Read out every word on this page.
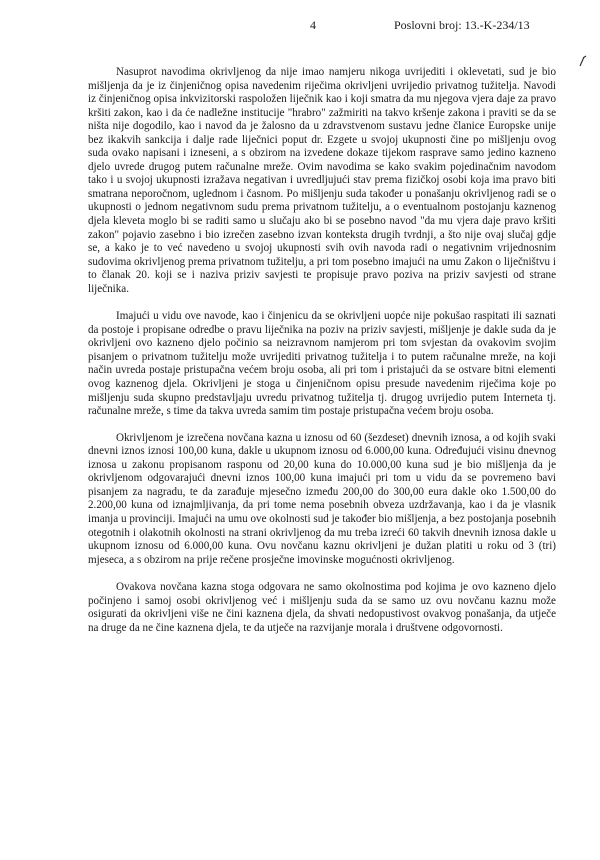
4	Poslovni broj: 13.-K-234/13

Nasuprot navodima okrivljenog da nije imao namjeru nikoga uvrijediti i oklevetati, sud je bio mišljenja da je iz činjeničnog opisa navedenim riječima okrivljeni uvrijedio privatnog tužitelja. Navodi iz činjeničnog opisa inkvizitorski raspoložen liječnik kao i koji smatra da mu njegova vjera daje za pravo kršiti zakon, kao i da će nadležne institucije "hrabro" zažmiriti na takvo kršenje zakona i praviti se da se ništa nije dogodilo, kao i navod da je žalosno da u zdravstvenom sustavu jedne članice Europske unije bez ikakvih sankcija i dalje rade liječnici poput dr. Ezgete u svojoj ukupnosti čine po mišljenju ovog suda ovako napisani i izneseni, a s obzirom na izvedene dokaze tijekom rasprave samo jedino kazneno djelo uvrede drugog putem računalne mreže. Ovim navodima se kako svakim pojedinačnim navodom tako i u svojoj ukupnosti izražava negativan i uvredljujući stav prema fizičkoj osobi koja ima pravo biti smatrana neporočnom, uglednom i časnom. Po mišljenju suda također u ponašanju okrivljenog radi se o ukupnosti o jednom negativnom sudu prema privatnom tužitelju, a o eventualnom postojanju kaznenog djela kleveta moglo bi se raditi samo u slučaju ako bi se posebno navod "da mu vjera daje pravo kršiti zakon" pojavio zasebno i bio izrečen zasebno izvan konteksta drugih tvrdnji, a što nije ovaj slučaj gdje se, a kako je to već navedeno u svojoj ukupnosti svih ovih navoda radi o negativnim vrijednosnim sudovima okrivljenog prema privatnom tužitelju, a pri tom posebno imajući na umu Zakon o liječništvu i to članak 20. koji se i naziva priziv savjesti te propisuje pravo poziva na priziv savjesti od strane liječnika.

Imajući u vidu ove navode, kao i činjenicu da se okrivljeni uopće nije pokušao raspitati ili saznati da postoje i propisane odredbe o pravu liječnika na poziv na priziv savjesti, mišljenje je dakle suda da je okrivljeni ovo kazneno djelo počinio sa neizravnom namjerom pri tom svjestan da ovakovim svojim pisanjem o privatnom tužitelju može uvrijediti privatnog tužitelja i to putem računalne mreže, na koji način uvreda postaje pristupačna većem broju osoba, ali pri tom i pristajući da se ostvare bitni elementi ovog kaznenog djela. Okrivljeni je stoga u činjeničnom opisu presude navedenim riječima koje po mišljenju suda skupno predstavljaju uvredu privatnog tužitelja tj. drugog uvrijedio putem Interneta tj. računalne mreže, s time da takva uvreda samim tim postaje pristupačna većem broju osoba.

Okrivljenom je izrečena novčana kazna u iznosu od 60 (šezdeset) dnevnih iznosa, a od kojih svaki dnevni iznos iznosi 100,00 kuna, dakle u ukupnom iznosu od 6.000,00 kuna. Određujući visinu dnevnog iznosa u zakonu propisanom rasponu od 20,00 kuna do 10.000,00 kuna sud je bio mišljenja da je okrivljenom odgovarajući dnevni iznos 100,00 kuna imajući pri tom u vidu da se povremeno bavi pisanjem za nagradu, te da zarađuje mjesečno između 200,00 do 300,00 eura dakle oko 1.500,00 do 2.200,00 kuna od iznajmljivanja, da pri tome nema posebnih obveza uzdržavanja, kao i da je vlasnik imanja u provinciji. Imajući na umu ove okolnosti sud je također bio mišljenja, a bez postojanja posebnih otegotnih i olakotnih okolnosti na strani okrivljenog da mu treba izreći 60 takvih dnevnih iznosa dakle u ukupnom iznosu od 6.000,00 kuna. Ovu novčanu kaznu okrivljeni je dužan platiti u roku od 3 (tri) mjeseca, a s obzirom na prije rečene prosječne imovinske mogućnosti okrivljenog.

Ovakova novčana kazna stoga odgovara ne samo okolnostima pod kojima je ovo kazneno djelo počinjeno i samoj osobi okrivljenog već i mišljenju suda da se samo uz ovu novčanu kaznu može osigurati da okrivljeni više ne čini kaznena djela, da shvati nedopustivost ovakvog ponašanja, da utječe na druge da ne čine kaznena djela, te da utječe na razvijanje morala i društvene odgovornosti.
